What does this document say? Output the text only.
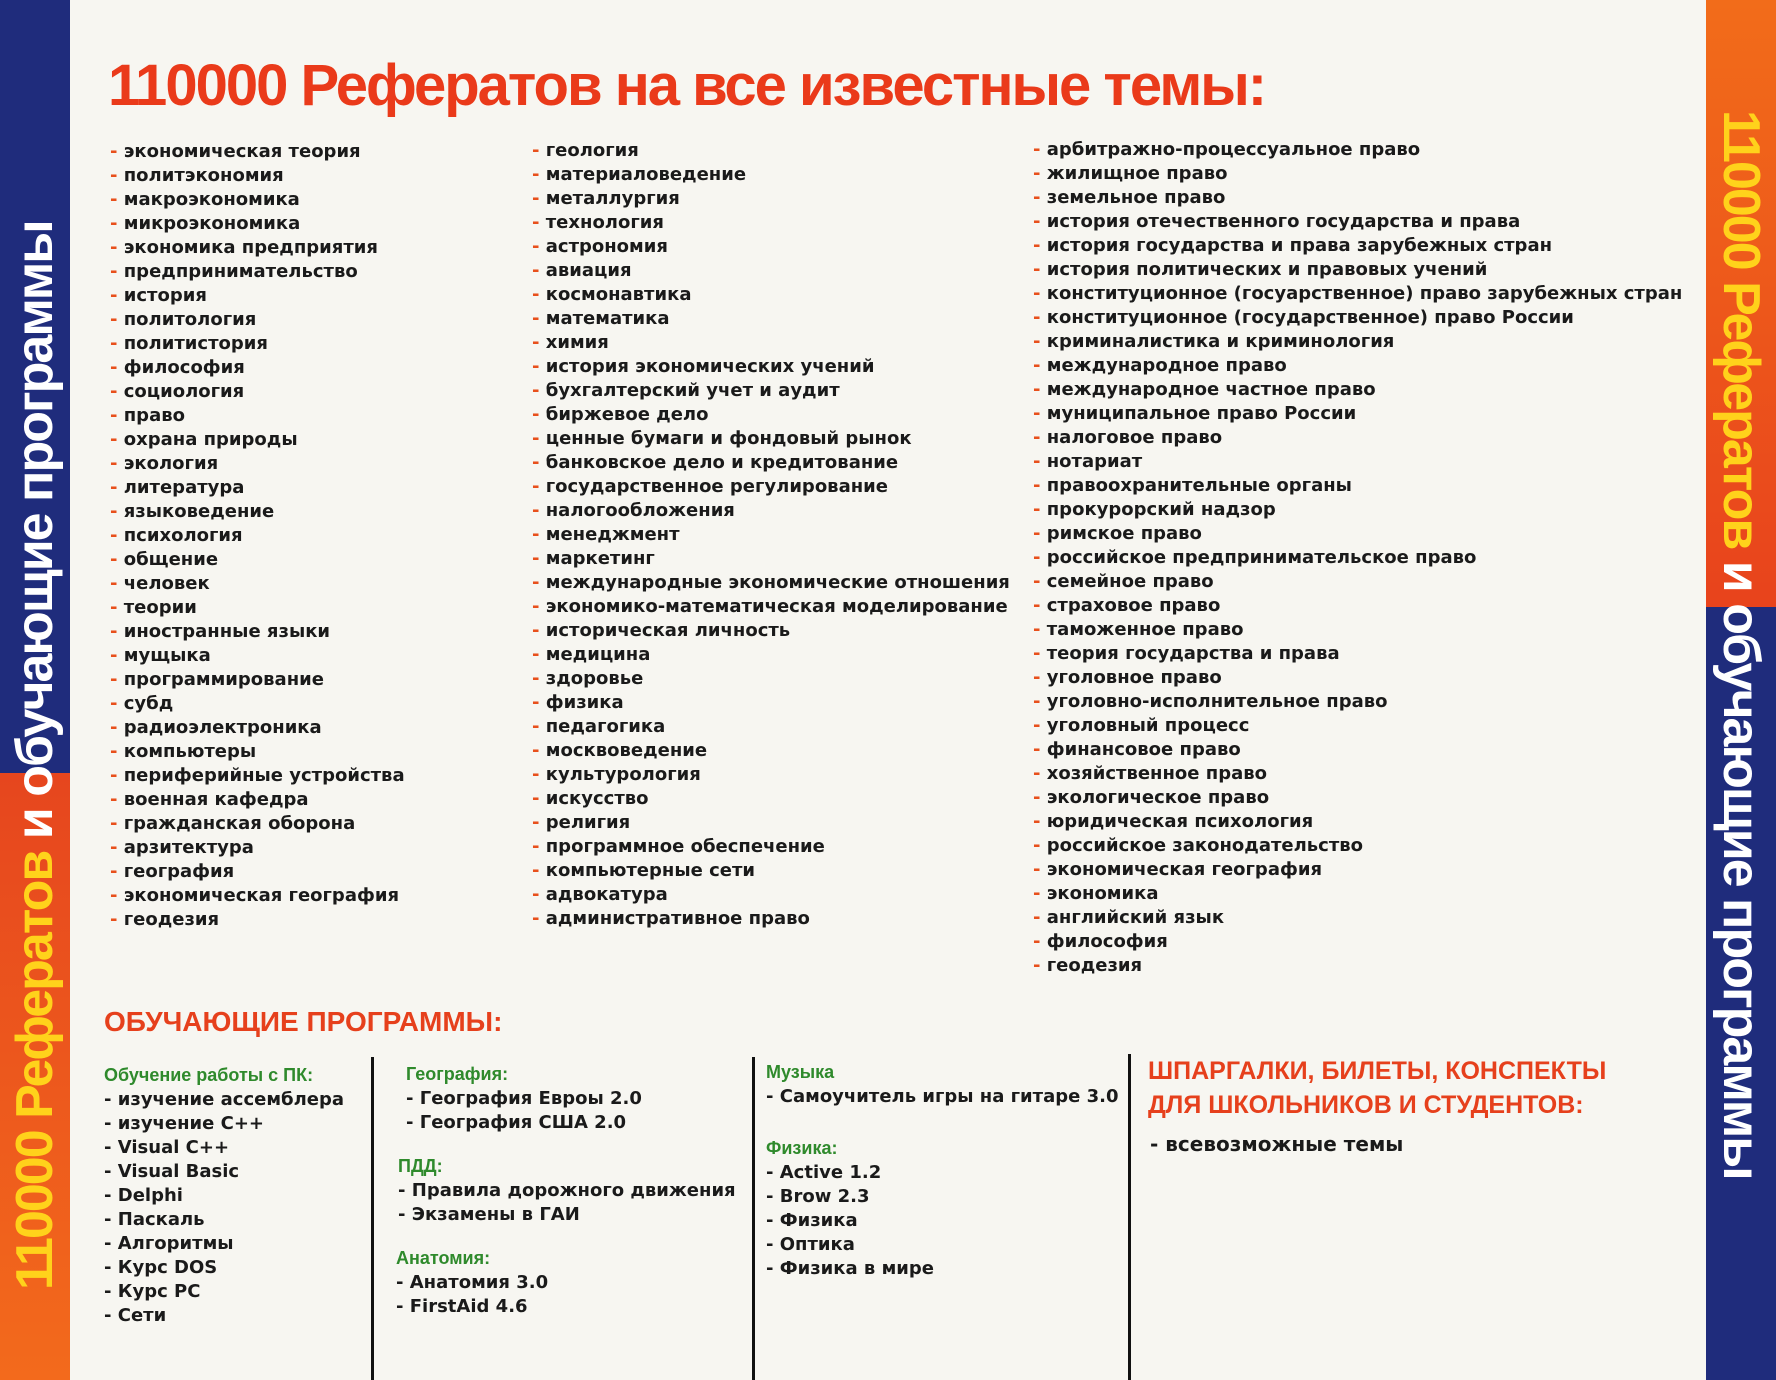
110000 Рефератов и обучающие программы	110000 Рефератов и обучающие программы
110000 Рефератов на все известные темы:
- экономическая теория
- политэкономия
- макроэкономика
- микроэкономика
- экономика предприятия
- предпринимательство
- история
- политология
- политистория
- философия
- социология
- право
- охрана природы
- экология
- литература
- языковедение
- психология
- общение
- человек
- теории
- иностранные языки
- мущыка
- программирование
- субд
- радиоэлектроника
- компьютеры
- периферийные устройства
- военная кафедра
- гражданская оборона
- арзитектура
- география
- экономическая география
- геодезия
- геология
- материаловедение
- металлургия
- технология
- астрономия
- авиация
- космонавтика
- математика
- химия
- история экономических учений
- бухгалтерский учет и аудит
- биржевое дело
- ценные бумаги и фондовый рынок
- банковское дело и кредитование
- государственное регулирование
- налогообложения
- менеджмент
- маркетинг
- международные экономические отношения
- экономико-математическая моделирование
- историческая личность
- медицина
- здоровье
- физика
- педагогика
- москвоведение
- культурология
- искусство
- религия
- программное обеспечение
- компьютерные сети
- адвокатура
- административное право
- арбитражно-процессуальное право
- жилищное право
- земельное право
- история отечественного государства и права
- история государства и права зарубежных стран
- история политических и правовых учений
- конституционное (госуарственное) право зарубежных стран
- конституционное (государственное) право России
- криминалистика и криминология
- международное право
- международное частное право
- муниципальное право России
- налоговое право
- нотариат
- правоохранительные органы
- прокурорский надзор
- римское право
- российское предпринимательское право
- семейное право
- страховое право
- таможенное право
- теория государства и права
- уголовное право
- уголовно-исполнительное право
- уголовный процесс
- финансовое право
- хозяйственное право
- экологическое право
- юридическая психология
- российское законодательство
- экономическая география
- экономика
- английский язык
- философия
- геодезия
ОБУЧАЮЩИЕ ПРОГРАММЫ:
Обучение работы с ПК:
- изучение ассемблера
- изучение С++
- Visual C++
- Visual Basic
- Delphi
- Паскаль
- Алгоритмы
- Курс DOS
- Курс PC
- Сети
География:
- География Евроы 2.0
- География США 2.0
ПДД:
- Правила дорожного движения
- Экзамены в ГАИ
Анатомия:
- Анатомия 3.0
- FirstAid 4.6
Музыка
- Самоучитель игры на гитаре 3.0
Физика:
- Active 1.2
- Brow 2.3
- Физика
- Оптика
- Физика в мире
ШПАРГАЛКИ, БИЛЕТЫ, КОНСПЕКТЫ
ДЛЯ ШКОЛЬНИКОВ И СТУДЕНТОВ:
- всевозможные темы
